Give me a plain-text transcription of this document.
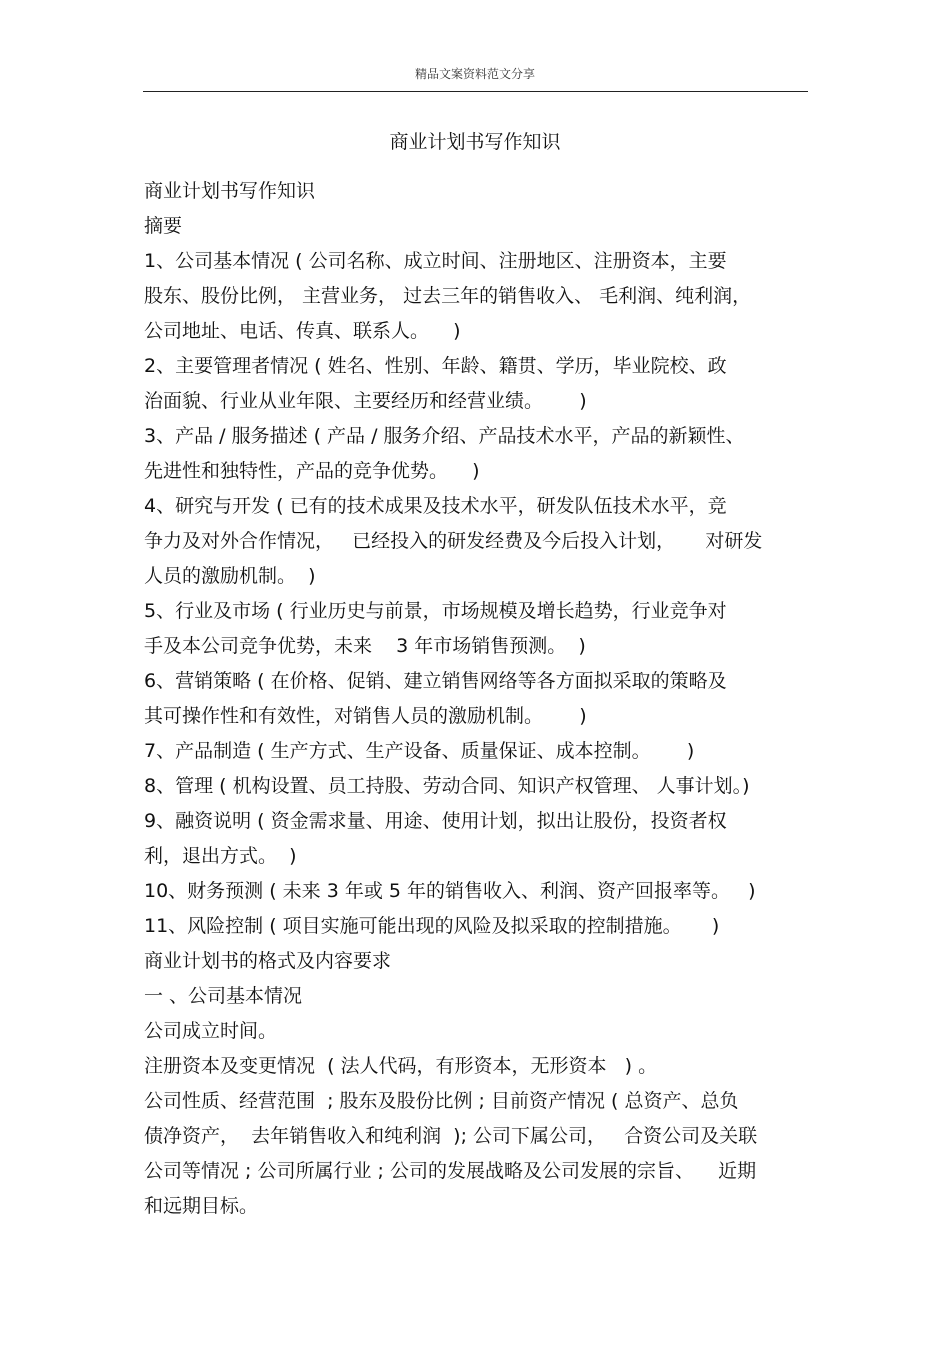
精品文案资料范文分享
商业计划书写作知识
商业计划书写作知识
摘要
1、公司基本情况 ( 公司名称、成立时间、注册地区、注册资本，主要
股东、股份比例， 主营业务， 过去三年的销售收入、 毛利润、纯利润，
公司地址、电话、传真、联系人。    )
2、主要管理者情况 ( 姓名、性别、年龄、籍贯、学历，毕业院校、政
治面貌、行业从业年限、主要经历和经营业绩。      )
3、产品 / 服务描述 ( 产品 / 服务介绍、产品技术水平，产品的新颖性、
先进性和独特性，产品的竞争优势。    )
4、研究与开发 ( 已有的技术成果及技术水平，研发队伍技术水平，竞
争力及对外合作情况，   已经投入的研发经费及今后投入计划，     对研发
人员的激励机制。  )
5、行业及市场 ( 行业历史与前景，市场规模及增长趋势，行业竞争对
手及本公司竞争优势，未来    3 年市场销售预测。  )
6、营销策略 ( 在价格、促销、建立销售网络等各方面拟采取的策略及
其可操作性和有效性，对销售人员的激励机制。      )
7、产品制造 ( 生产方式、生产设备、质量保证、成本控制。      )
8、管理 ( 机构设置、员工持股、劳动合同、知识产权管理、 人事计划。)
9、融资说明 ( 资金需求量、用途、使用计划，拟出让股份，投资者权
利，退出方式。  )
10、财务预测 ( 未来 3 年或 5 年的销售收入、利润、资产回报率等。   )
11、风险控制 ( 项目实施可能出现的风险及拟采取的控制措施。     )
商业计划书的格式及内容要求
一 、公司基本情况
公司成立时间。
注册资本及变更情况  ( 法人代码，有形资本，无形资本   ) 。
公司性质、经营范围  ; 股东及股份比例 ; 目前资产情况 ( 总资产、总负
债净资产，  去年销售收入和纯利润  ); 公司下属公司，   合资公司及关联
公司等情况 ; 公司所属行业 ; 公司的发展战略及公司发展的宗旨、    近期
和远期目标。
